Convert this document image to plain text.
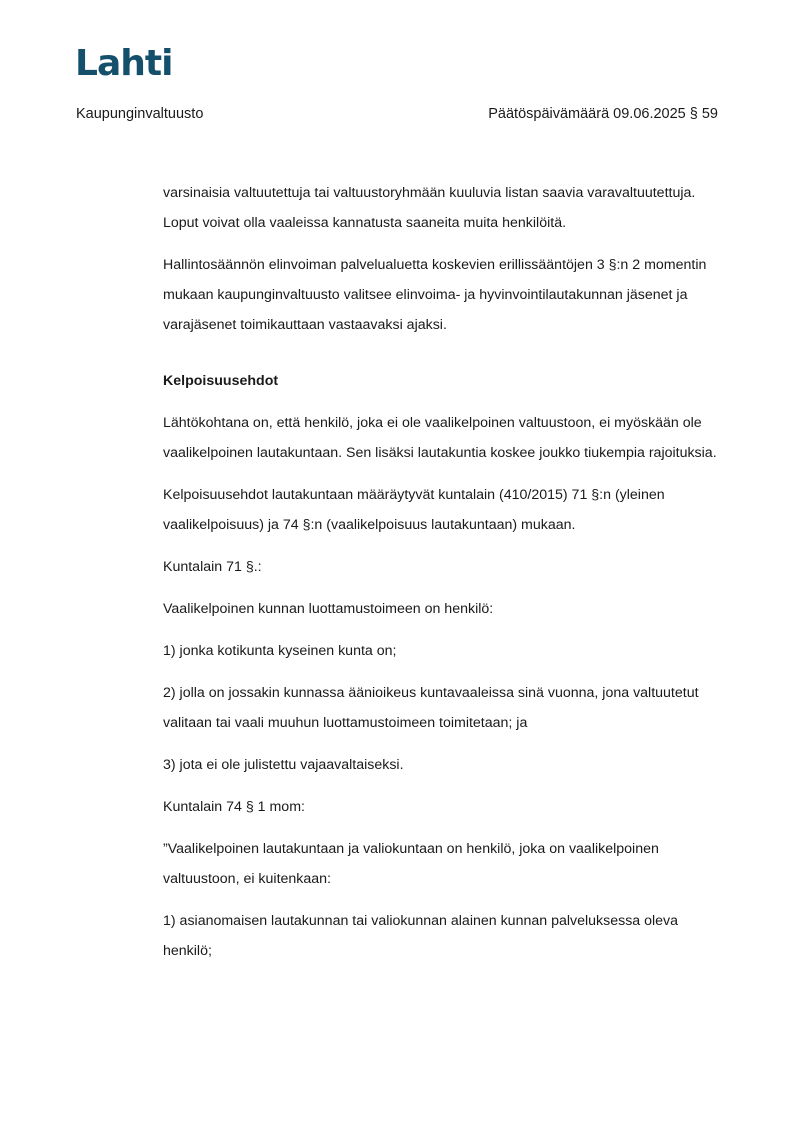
Lahti
Kaupunginvaltuusto	Päätöspäivämäärä 09.06.2025 § 59

varsinaisia valtuutettuja tai valtuustoryhmään kuuluvia listan saavia varavaltuutettuja. Loput voivat olla vaaleissa kannatusta saaneita muita henkilöitä.

Hallintosäännön elinvoiman palvelualuetta koskevien erillissääntöjen 3 §:n 2 momentin mukaan kaupunginvaltuusto valitsee elinvoima- ja hyvinvointilautakunnan jäsenet ja varajäsenet toimikauttaan vastaavaksi ajaksi.

Kelpoisuusehdot

Lähtökohtana on, että henkilö, joka ei ole vaalikelpoinen valtuustoon, ei myöskään ole vaalikelpoinen lautakuntaan. Sen lisäksi lautakuntia koskee joukko tiukempia rajoituksia.

Kelpoisuusehdot lautakuntaan määräytyvät kuntalain (410/2015) 71 §:n (yleinen vaalikelpoisuus) ja 74 §:n (vaalikelpoisuus lautakuntaan) mukaan.

Kuntalain 71 §.:

Vaalikelpoinen kunnan luottamustoimeen on henkilö:

1) jonka kotikunta kyseinen kunta on;

2) jolla on jossakin kunnassa äänioikeus kuntavaaleissa sinä vuonna, jona valtuutetut valitaan tai vaali muuhun luottamustoimeen toimitetaan; ja

3) jota ei ole julistettu vajaavaltaiseksi.

Kuntalain 74 § 1 mom:

”Vaalikelpoinen lautakuntaan ja valiokuntaan on henkilö, joka on vaalikelpoinen valtuustoon, ei kuitenkaan:

1) asianomaisen lautakunnan tai valiokunnan alainen kunnan palveluksessa oleva henkilö;
